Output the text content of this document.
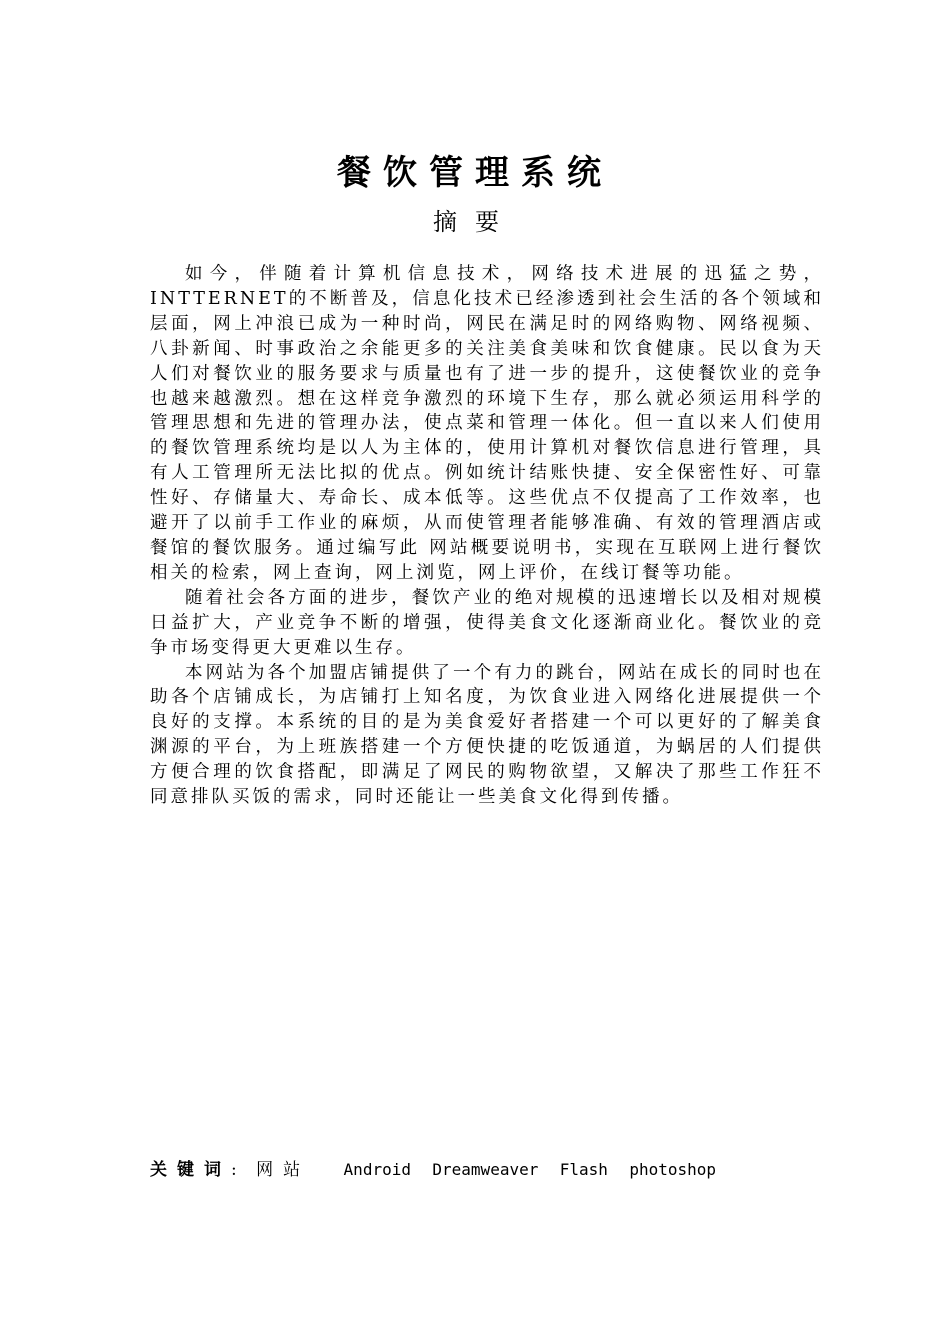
餐饮管理系统
摘要

如今，伴随着计算机信息技术，网络技术进展的迅猛之势，INTTERNET的不断普及，信息化技术已经渗透到社会生活的各个领域和层面，网上冲浪已成为一种时尚，网民在满足时的网络购物、网络视频、八卦新闻、时事政治之余能更多的关注美食美味和饮食健康。民以食为天人们对餐饮业的服务要求与质量也有了进一步的提升，这使餐饮业的竞争也越来越激烈。想在这样竞争激烈的环境下生存，那么就必须运用科学的管理思想和先进的管理办法，使点菜和管理一体化。但一直以来人们使用的餐饮管理系统均是以人为主体的，使用计算机对餐饮信息进行管理，具有人工管理所无法比拟的优点。例如统计结账快捷、安全保密性好、可靠性好、存储量大、寿命长、成本低等。这些优点不仅提高了工作效率，也避开了以前手工作业的麻烦，从而使管理者能够准确、有效的管理酒店或餐馆的餐饮服务。通过编写此 网站概要说明书，实现在互联网上进行餐饮相关的检索，网上查询，网上浏览，网上评价，在线订餐等功能。

随着社会各方面的进步，餐饮产业的绝对规模的迅速增长以及相对规模日益扩大，产业竞争不断的增强，使得美食文化逐渐商业化。餐饮业的竞争市场变得更大更难以生存。

本网站为各个加盟店铺提供了一个有力的跳台，网站在成长的同时也在助各个店铺成长，为店铺打上知名度，为饮食业进入网络化进展提供一个良好的支撑。本系统的目的是为美食爱好者搭建一个可以更好的了解美食渊源的平台，为上班族搭建一个方便快捷的吃饭通道，为蜗居的人们提供方便合理的饮食搭配，即满足了网民的购物欲望，又解决了那些工作狂不同意排队买饭的需求，同时还能让一些美食文化得到传播。

关键词: 网站 Android Dreamweaver Flash photoshop
